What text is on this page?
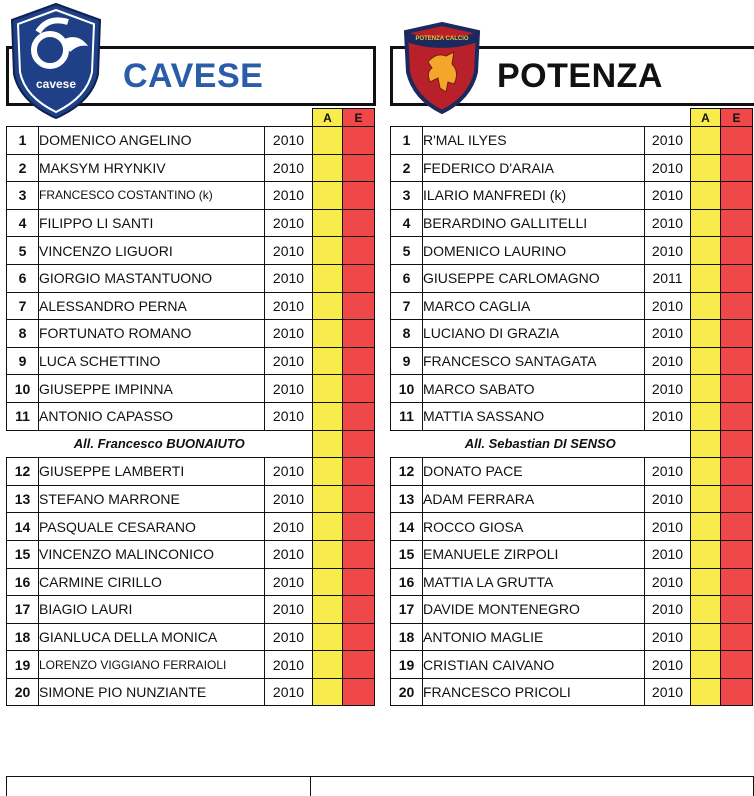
CAVESE
cavese
			A	E
1	DOMENICO ANGELINO	2010		
2	MAKSYM HRYNKIV	2010		
3	FRANCESCO COSTANTINO (k)	2010		
4	FILIPPO LI SANTI	2010		
5	VINCENZO LIGUORI	2010		
6	GIORGIO MASTANTUONO	2010		
7	ALESSANDRO PERNA	2010		
8	FORTUNATO ROMANO	2010		
9	LUCA SCHETTINO	2010		
10	GIUSEPPE IMPINNA	2010		
11	ANTONIO CAPASSO	2010		
All. Francesco BUONAIUTO				
12	GIUSEPPE LAMBERTI	2010		
13	STEFANO MARRONE	2010		
14	PASQUALE CESARANO	2010		
15	VINCENZO MALINCONICO	2010		
16	CARMINE CIRILLO	2010		
17	BIAGIO LAURI	2010		
18	GIANLUCA DELLA MONICA	2010		
19	LORENZO VIGGIANO FERRAIOLI	2010		
20	SIMONE PIO NUNZIANTE	2010		
POTENZA
POTENZA CALCIO
			A	E
1	R'MAL ILYES	2010		
2	FEDERICO D'ARAIA	2010		
3	ILARIO MANFREDI (k)	2010		
4	BERARDINO GALLITELLI	2010		
5	DOMENICO LAURINO	2010		
6	GIUSEPPE CARLOMAGNO	2011		
7	MARCO CAGLIA	2010		
8	LUCIANO DI GRAZIA	2010		
9	FRANCESCO SANTAGATA	2010		
10	MARCO SABATO	2010		
11	MATTIA SASSANO	2010		
All. Sebastian DI SENSO				
12	DONATO PACE	2010		
13	ADAM FERRARA	2010		
14	ROCCO GIOSA	2010		
15	EMANUELE ZIRPOLI	2010		
16	MATTIA LA GRUTTA	2010		
17	DAVIDE MONTENEGRO	2010		
18	ANTONIO MAGLIE	2010		
19	CRISTIAN CAIVANO	2010		
20	FRANCESCO PRICOLI	2010		
